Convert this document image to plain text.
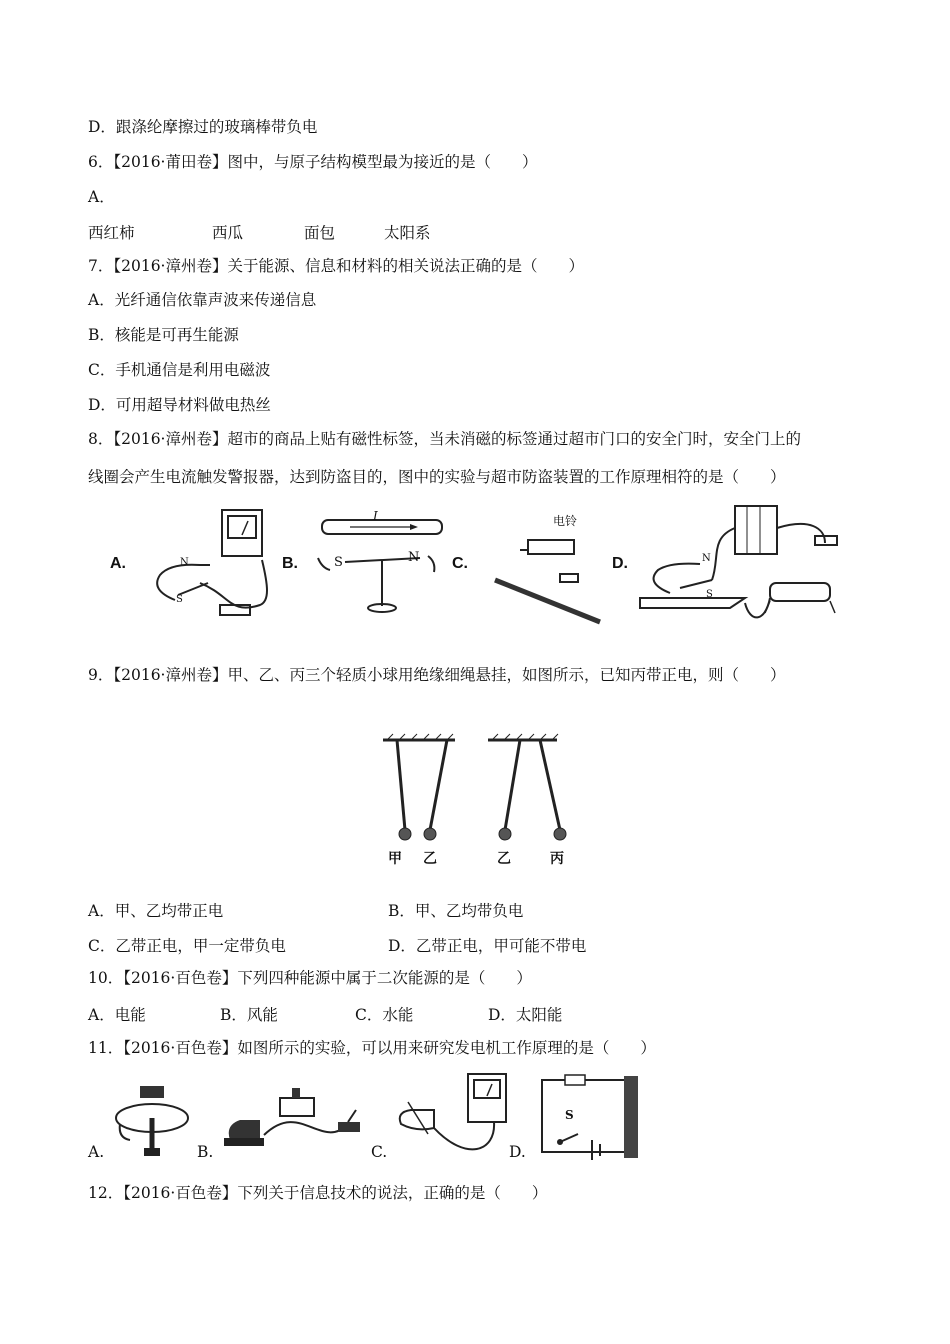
D．跟涤纶摩擦过的玻璃棒带负电
6．【2016·莆田卷】图中，与原子结构模型最为接近的是（　　）
A．
西红柿	西瓜	面包	太阳系
7．【2016·漳州卷】关于能源、信息和材料的相关说法正确的是（　　）
A．光纤通信依靠声波来传递信息
B．核能是可再生能源
C．手机通信是利用电磁波
D．可用超导材料做电热丝
8．【2016·漳州卷】超市的商品上贴有磁性标签，当未消磁的标签通过超市门口的安全门时，安全门上的
线圈会产生电流触发警报器，达到防盗目的，图中的实验与超市防盗装置的工作原理相符的是（　　）
A.	B.	C.	D.
N
S
I
S	N
电铃
N
S
9．【2016·漳州卷】甲、乙、丙三个轻质小球用绝缘细绳悬挂，如图所示，已知丙带正电，则（　　）
甲 乙	乙	丙
A．甲、乙均带正电	B．甲、乙均带负电
C．乙带正电，甲一定带负电	D．乙带正电，甲可能不带电
10．【2016·百色卷】下列四种能源中属于二次能源的是（　　）
A．电能	B．风能	C．水能	D．太阳能
11．【2016·百色卷】如图所示的实验，可以用来研究发电机工作原理的是（　　）
A.	B.	C.	D.
S
12．【2016·百色卷】下列关于信息技术的说法，正确的是（　　）
